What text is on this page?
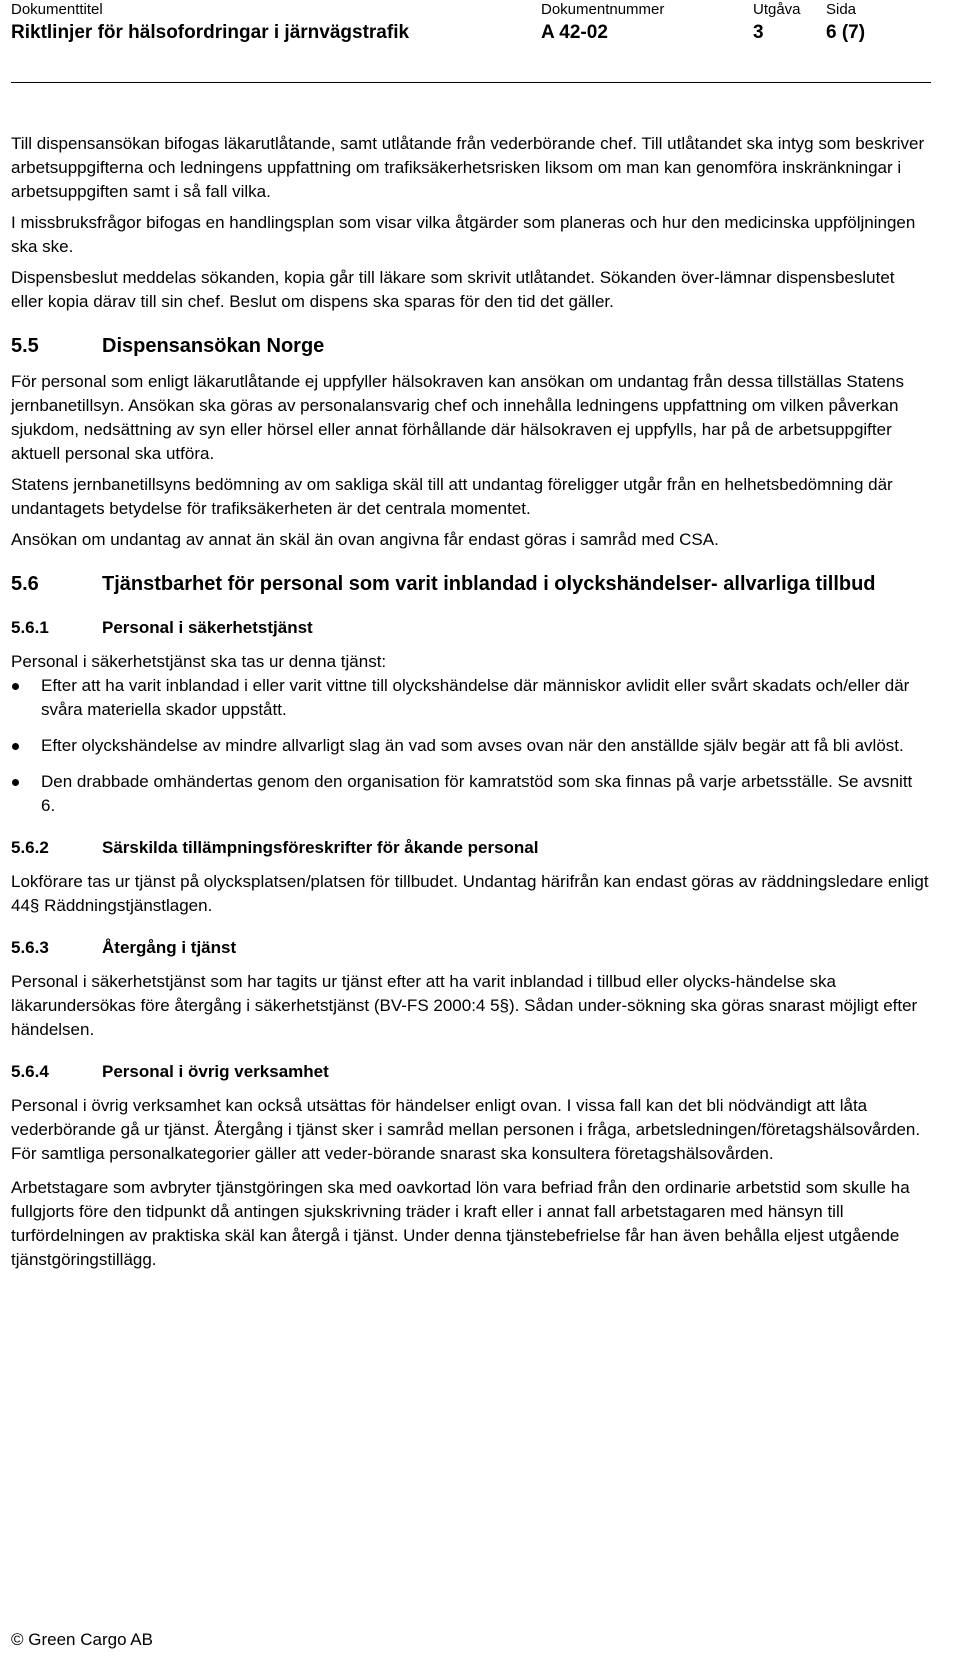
Dokumenttitel
Riktlinjer för hälsofordringar i järnvägstrafik
Dokumentnummer
A 42-02
Utgåva
3
Sida
6 (7)

Till dispensansökan bifogas läkarutlåtande, samt utlåtande från vederbörande chef. Till utlåtandet ska intyg som beskriver arbetsuppgifterna och ledningens uppfattning om trafiksäkerhetsrisken liksom om man kan genomföra inskränkningar i arbetsuppgiften samt i så fall vilka.

I missbruksfrågor bifogas en handlingsplan som visar vilka åtgärder som planeras och hur den medicinska uppföljningen ska ske.

Dispensbeslut meddelas sökanden, kopia går till läkare som skrivit utlåtandet. Sökanden över-lämnar dispensbeslutet eller kopia därav till sin chef. Beslut om dispens ska sparas för den tid det gäller.

5.5	Dispensansökan Norge

För personal som enligt läkarutlåtande ej uppfyller hälsokraven kan ansökan om undantag från dessa tillställas Statens jernbanetillsyn. Ansökan ska göras av personalansvarig chef och innehålla ledningens uppfattning om vilken påverkan sjukdom, nedsättning av syn eller hörsel eller annat förhållande där hälsokraven ej uppfylls, har på de arbetsuppgifter aktuell personal ska utföra.

Statens jernbanetillsyns bedömning av om sakliga skäl till att undantag föreligger utgår från en helhetsbedömning där undantagets betydelse för trafiksäkerheten är det centrala momentet.

Ansökan om undantag av annat än skäl än ovan angivna får endast göras i samråd med CSA.

5.6	Tjänstbarhet för personal som varit inblandad i olyckshändelser- allvarliga tillbud
5.6.1	Personal i säkerhetstjänst

Personal i säkerhetstjänst ska tas ur denna tjänst:

Efter att ha varit inblandad i eller varit vittne till olyckshändelse där människor avlidit eller svårt skadats och/eller där svåra materiella skador uppstått.
Efter olyckshändelse av mindre allvarligt slag än vad som avses ovan när den anställde själv begär att få bli avlöst.
Den drabbade omhändertas genom den organisation för kamratstöd som ska finnas på varje arbetsställe. Se avsnitt 6.
5.6.2	Särskilda tillämpningsföreskrifter för åkande personal

Lokförare tas ur tjänst på olycksplatsen/platsen för tillbudet. Undantag härifrån kan endast göras av räddningsledare enligt 44§ Räddningstjänstlagen.

5.6.3	Återgång i tjänst

Personal i säkerhetstjänst som har tagits ur tjänst efter att ha varit inblandad i tillbud eller olycks-händelse ska läkarundersökas före återgång i säkerhetstjänst (BV-FS 2000:4 5§). Sådan under-sökning ska göras snarast möjligt efter händelsen.

5.6.4	Personal i övrig verksamhet

Personal i övrig verksamhet kan också utsättas för händelser enligt ovan. I vissa fall kan det bli nödvändigt att låta vederbörande gå ur tjänst. Återgång i tjänst sker i samråd mellan personen i fråga, arbetsledningen/företagshälsovården. För samtliga personalkategorier gäller att veder-börande snarast ska konsultera företagshälsovården.

Arbetstagare som avbryter tjänstgöringen ska med oavkortad lön vara befriad från den ordinarie arbetstid som skulle ha fullgjorts före den tidpunkt då antingen sjukskrivning träder i kraft eller i annat fall arbetstagaren med hänsyn till turfördelningen av praktiska skäl kan återgå i tjänst. Under denna tjänstebefrielse får han även behålla eljest utgående tjänstgöringstillägg.

© Green Cargo AB
